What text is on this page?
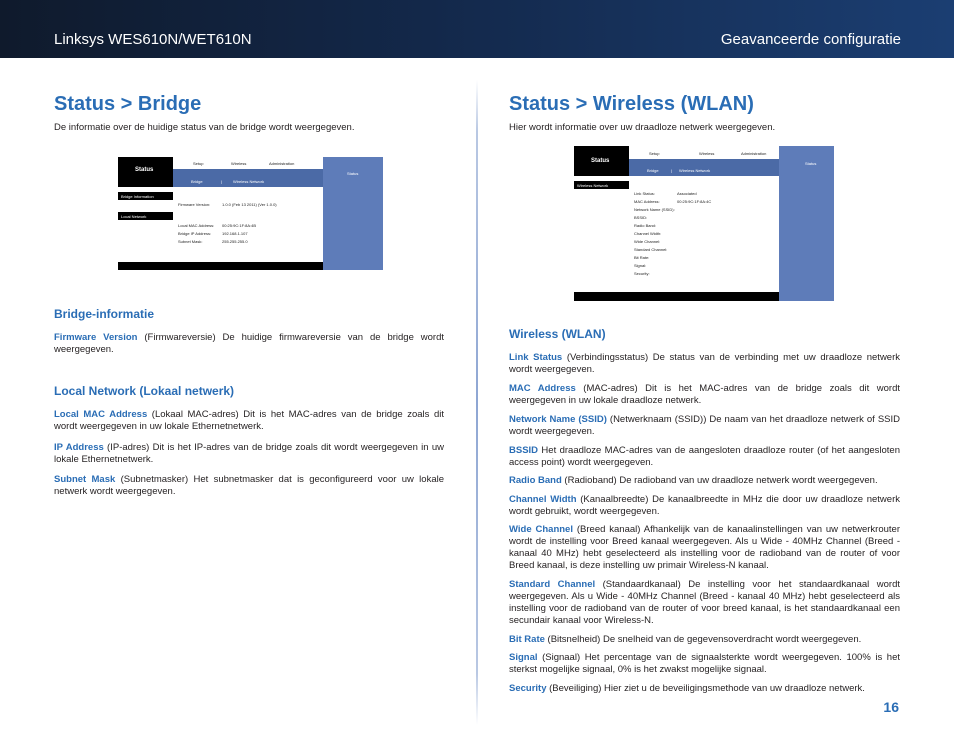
Linksys WES610N/WET610N	Geavanceerde configuratie
Status > Bridge

De informatie over de huidige status van de bridge wordt weergegeven.

Status
Setup	Wireless	Administration
Bridge	|	Wireless Network
Status
Bridge Information
Local Network
Firmware Version:	1.0.0 (Feb 13 2011) (Ver 1.0.0)
Local MAC Address: 00:25:9C:1F:8A:4B
Bridge IP Address:	192.168.1.107
Subnet Mask:	255.255.255.0
Bridge-informatie

Firmware Version (Firmwareversie) De huidige firmwareversie van de bridge wordt weergegeven.

Local Network (Lokaal netwerk)

Local MAC Address (Lokaal MAC-adres) Dit is het MAC-adres van de bridge zoals dit wordt weergegeven in uw lokale Ethernetnetwerk.

IP Address (IP-adres) Dit is het IP-adres van de bridge zoals dit wordt weergegeven in uw lokale Ethernetnetwerk.

Subnet Mask (Subnetmasker) Het subnetmasker dat is geconfigureerd voor uw lokale netwerk wordt weergegeven.

Status > Wireless (WLAN)

Hier wordt informatie over uw draadloze netwerk weergegeven.

Status
Setup	Wireless	Administration
Bridge	| Wireless Network
Status
Wireless Network
Link Status:	Associated
MAC Address:	00:25:9C:1F:8A:4C
Network Name (SSID):
BSSID:
Radio Band:
Channel Width:
Wide Channel:
Standard Channel:
Bit Rate:
Signal:
Security:
Wireless (WLAN)

Link Status (Verbindingsstatus) De status van de verbinding met uw draadloze netwerk wordt weergegeven.

MAC Address (MAC-adres) Dit is het MAC-adres van de bridge zoals dit wordt weergegeven in uw lokale draadloze netwerk.

Network Name (SSID) (Netwerknaam (SSID)) De naam van het draadloze netwerk of SSID wordt weergegeven.

BSSID Het draadloze MAC-adres van de aangesloten draadloze router (of het aangesloten access point) wordt weergegeven.

Radio Band (Radioband) De radioband van uw draadloze netwerk wordt weergegeven.

Channel Width (Kanaalbreedte) De kanaalbreedte in MHz die door uw draadloze netwerk wordt gebruikt, wordt weergegeven.

Wide Channel (Breed kanaal) Afhankelijk van de kanaalinstellingen van uw netwerkrouter wordt de instelling voor Breed kanaal weergegeven. Als u Wide - 40MHz Channel (Breed - kanaal 40 MHz) hebt geselecteerd als instelling voor de radioband van de router of voor Breed kanaal, is deze instelling uw primair Wireless-N kanaal.

Standard Channel (Standaardkanaal) De instelling voor het standaardkanaal wordt weergegeven. Als u Wide - 40MHz Channel (Breed - kanaal 40 MHz) hebt geselecteerd als instelling voor de radioband van de router of voor breed kanaal, is het standaardkanaal een secundair kanaal voor Wireless-N.

Bit Rate (Bitsnelheid) De snelheid van de gegevensoverdracht wordt weergegeven.

Signal (Signaal) Het percentage van de signaalsterkte wordt weergegeven. 100% is het sterkst mogelijke signaal, 0% is het zwakst mogelijke signaal.

Security (Beveiliging) Hier ziet u de beveiligingsmethode van uw draadloze netwerk.

16
